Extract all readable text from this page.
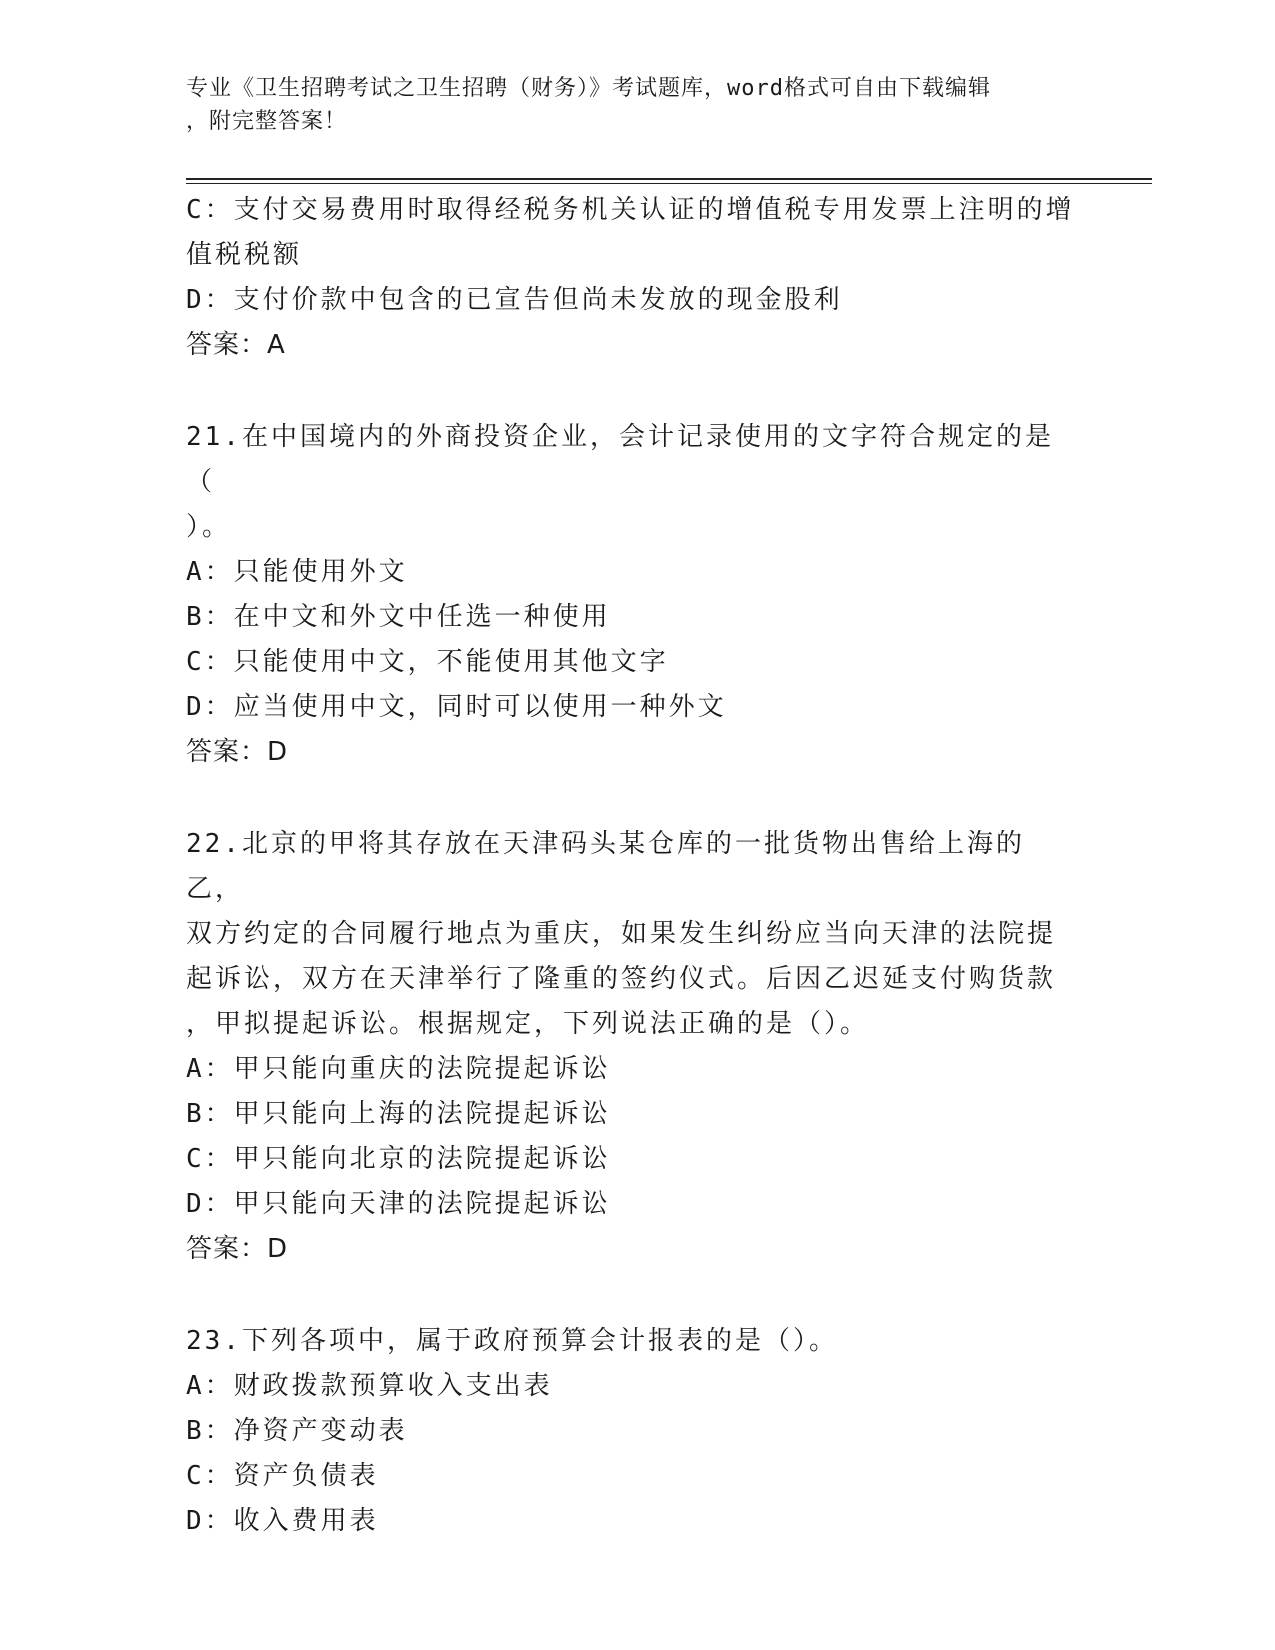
专业《卫生招聘考试之卫生招聘（财务）》考试题库，word格式可自由下载编辑
，附完整答案！
C：支付交易费用时取得经税务机关认证的增值税专用发票上注明的增
值税税额
D：支付价款中包含的已宣告但尚未发放的现金股利
答案：A
21.在中国境内的外商投资企业，会计记录使用的文字符合规定的是（
）。
A：只能使用外文
B：在中文和外文中任选一种使用
C：只能使用中文，不能使用其他文字
D：应当使用中文，同时可以使用一种外文
答案：D
22.北京的甲将其存放在天津码头某仓库的一批货物出售给上海的乙，
双方约定的合同履行地点为重庆，如果发生纠纷应当向天津的法院提
起诉讼，双方在天津举行了隆重的签约仪式。后因乙迟延支付购货款
，甲拟提起诉讼。根据规定，下列说法正确的是（）。
A：甲只能向重庆的法院提起诉讼
B：甲只能向上海的法院提起诉讼
C：甲只能向北京的法院提起诉讼
D：甲只能向天津的法院提起诉讼
答案：D
23.下列各项中，属于政府预算会计报表的是（）。
A：财政拨款预算收入支出表
B：净资产变动表
C：资产负债表
D：收入费用表
